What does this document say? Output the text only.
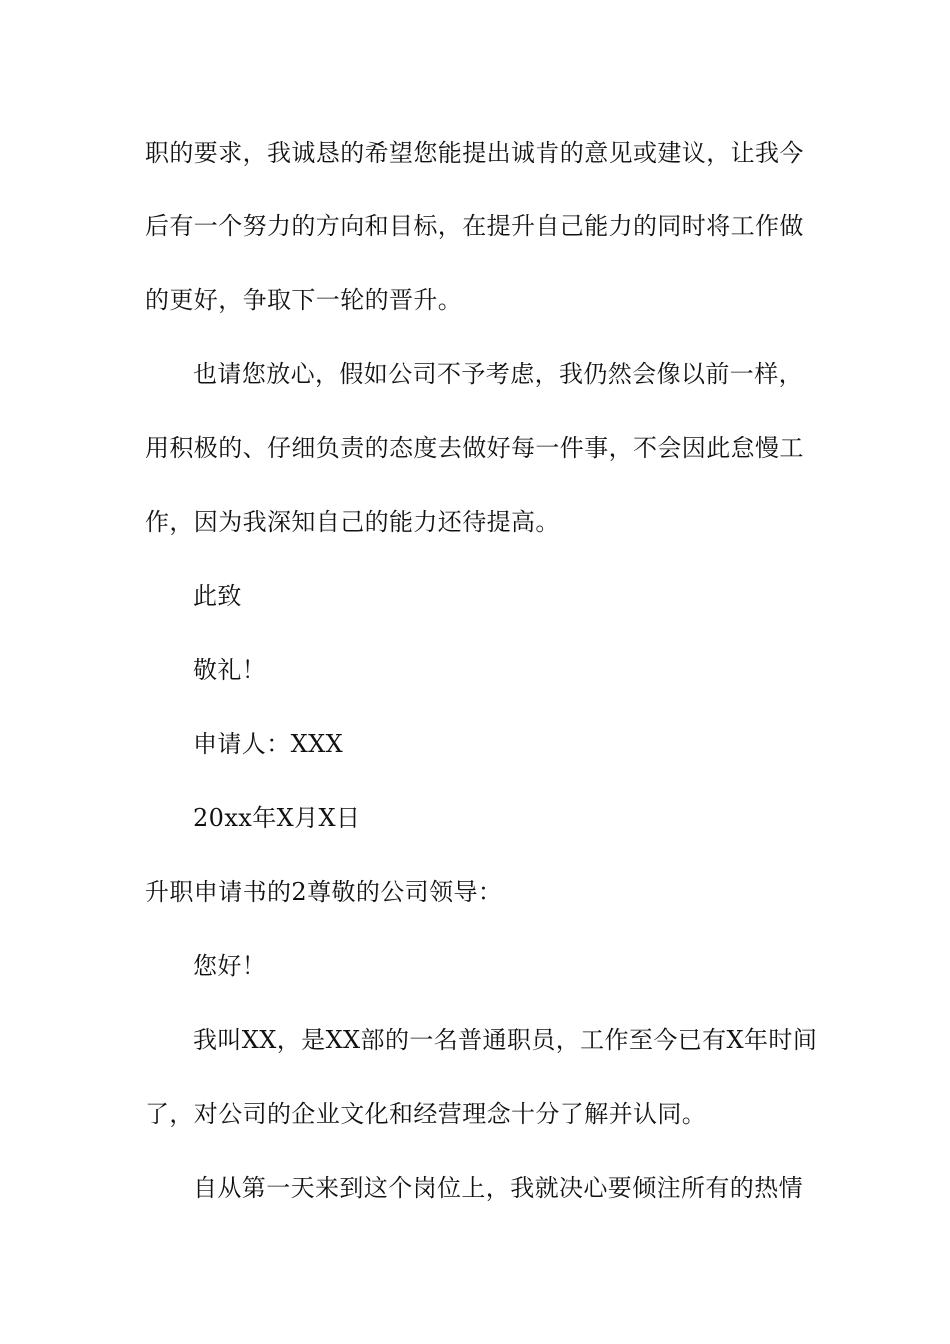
职的要求，我诚恳的希望您能提出诚肯的意见或建议，让我今
后有一个努力的方向和目标，在提升自己能力的同时将工作做
的更好，争取下一轮的晋升。
也请您放心，假如公司不予考虑，我仍然会像以前一样，
用积极的、仔细负责的态度去做好每一件事，不会因此怠慢工
作，因为我深知自己的能力还待提高。
此致
敬礼！
申请人：XXX
20xx年X月X日
升职申请书的2尊敬的公司领导：
您好！
我叫XX，是XX部的一名普通职员，工作至今已有X年时间
了，对公司的企业文化和经营理念十分了解并认同。
自从第一天来到这个岗位上，我就决心要倾注所有的热情
